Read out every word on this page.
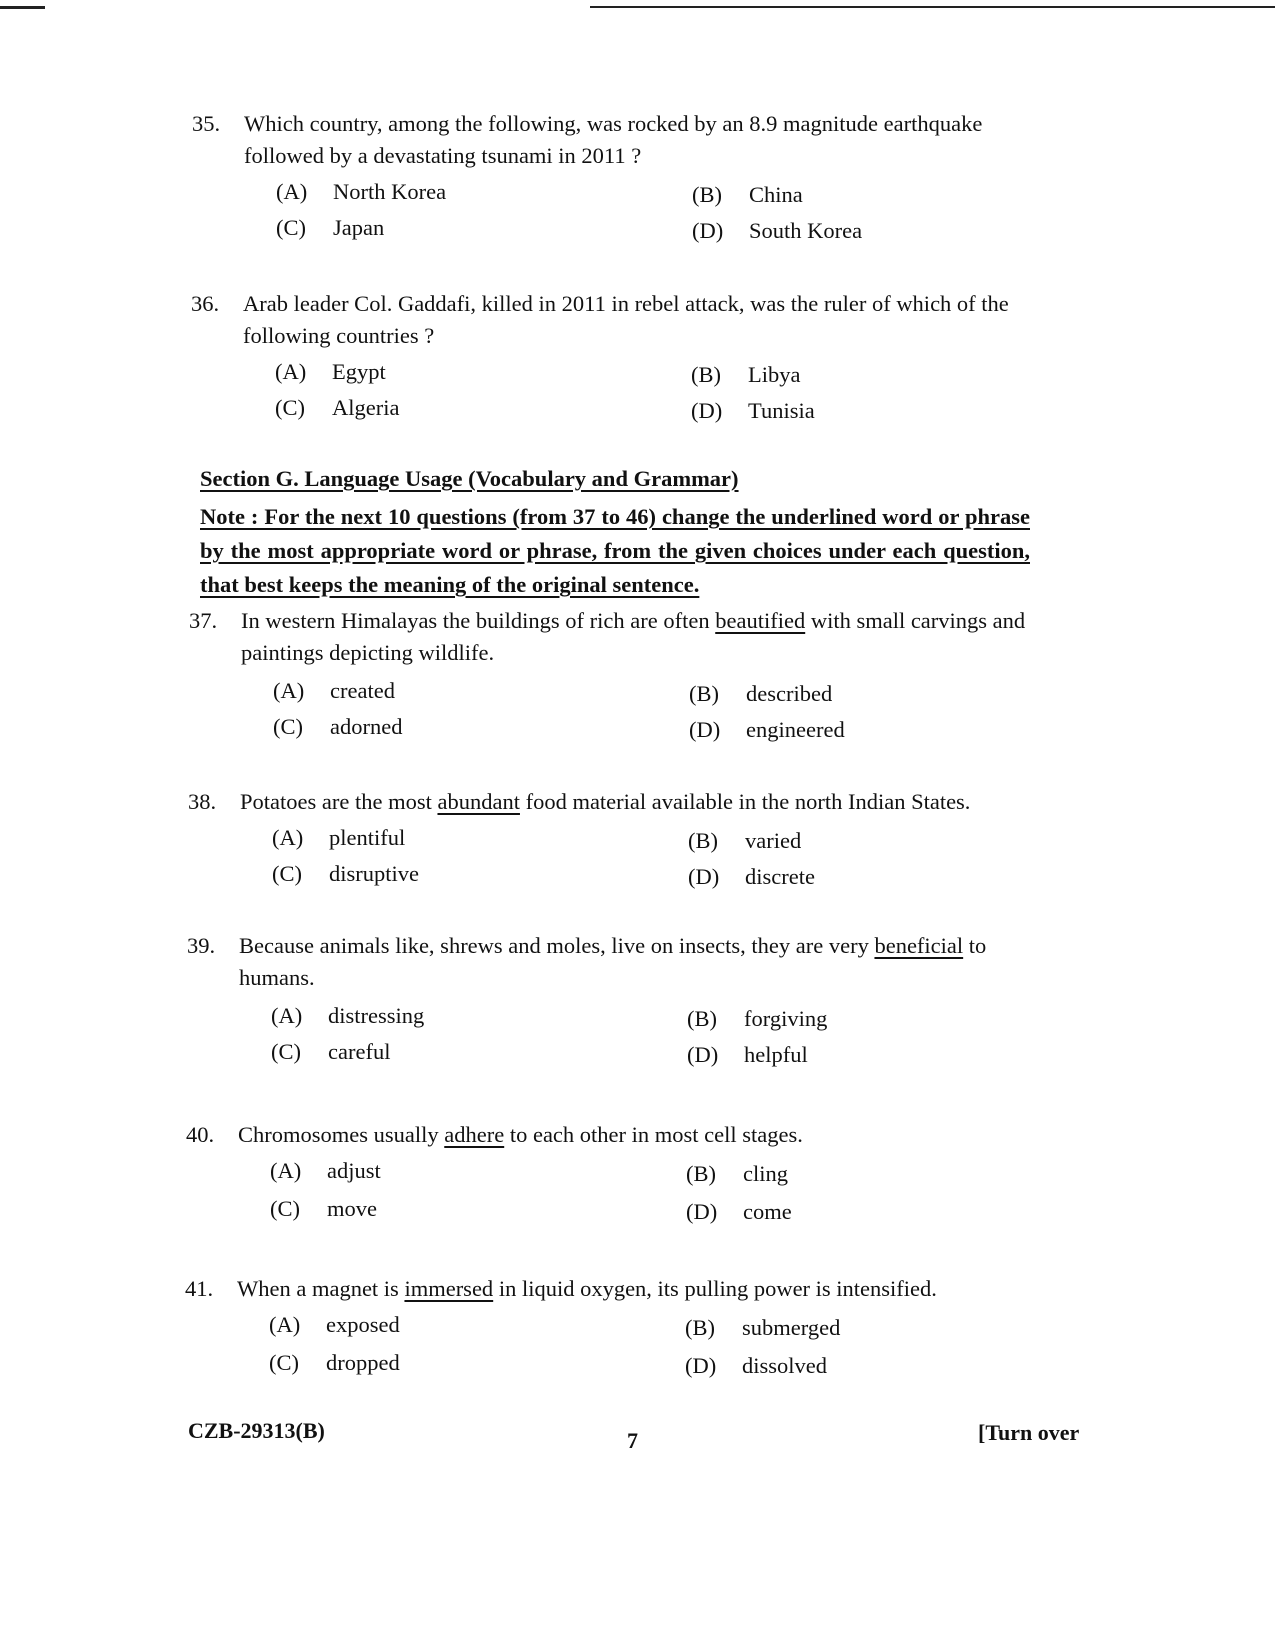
35. Which country, among the following, was rocked by an 8.9 magnitude earthquake followed by a devastating tsunami in 2011 ?
(A) North Korea	(B) China
(C) Japan	(D) South Korea
36. Arab leader Col. Gaddafi, killed in 2011 in rebel attack, was the ruler of which of the following countries ?
(A) Egypt	(B) Libya
(C) Algeria	(D) Tunisia
Section G. Language Usage (Vocabulary and Grammar)
Note : For the next 10 questions (from 37 to 46) change the underlined word or phrase by the most appropriate word or phrase, from the given choices under each question, that best keeps the meaning of the original sentence.
37. In western Himalayas the buildings of rich are often beautified with small carvings and paintings depicting wildlife.
(A) created	(B) described
(C) adorned	(D) engineered
38. Potatoes are the most abundant food material available in the north Indian States.
(A) plentiful	(B) varied
(C) disruptive	(D) discrete
39. Because animals like, shrews and moles, live on insects, they are very beneficial to humans.
(A) distressing	(B) forgiving
(C) careful	(D) helpful
40. Chromosomes usually adhere to each other in most cell stages.
(A) adjust	(B) cling
(C) move	(D) come
41. When a magnet is immersed in liquid oxygen, its pulling power is intensified.
(A) exposed	(B) submerged
(C) dropped	(D) dissolved
CZB-29313(B)	7	[Turn over
